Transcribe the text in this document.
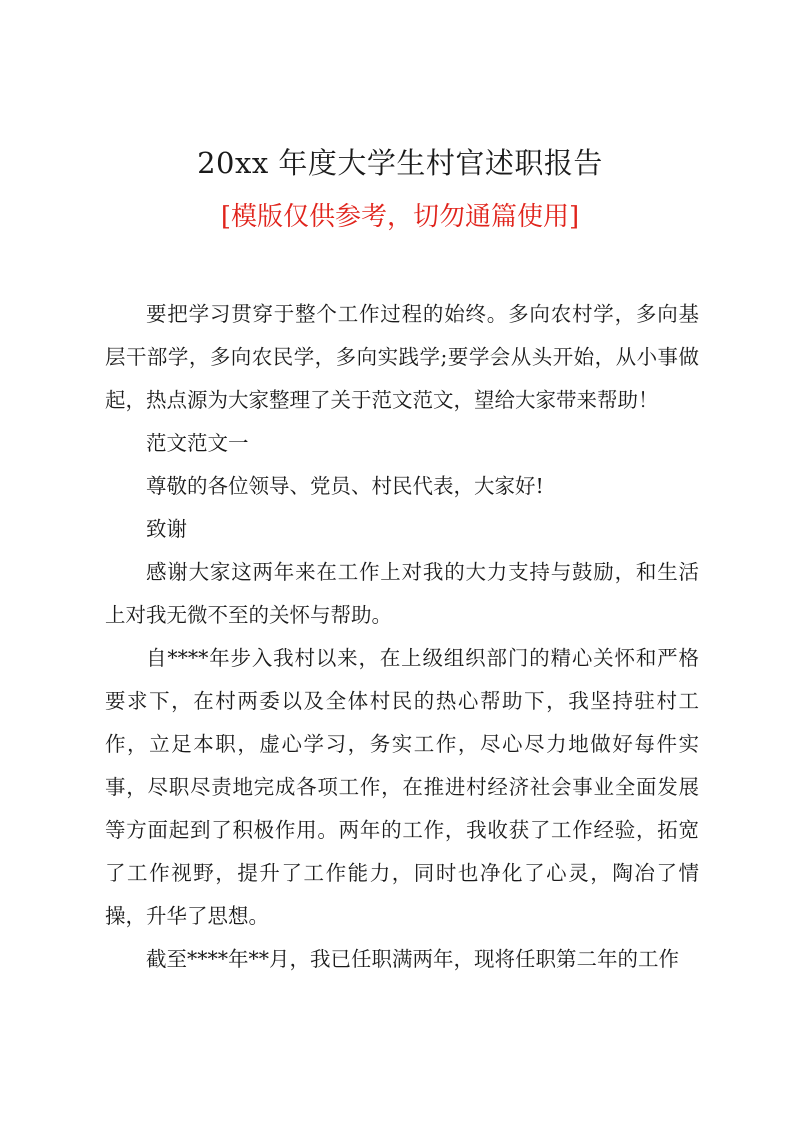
20xx 年度大学生村官述职报告
[模版仅供参考，切勿通篇使用]

要把学习贯穿于整个工作过程的始终。多向农村学，多向基层干部学，多向农民学，多向实践学;要学会从头开始，从小事做起，热点源为大家整理了关于范文范文，望给大家带来帮助！

范文范文一

尊敬的各位领导、党员、村民代表，大家好!

致谢

感谢大家这两年来在工作上对我的大力支持与鼓励，和生活上对我无微不至的关怀与帮助。

自****年步入我村以来，在上级组织部门的精心关怀和严格要求下，在村两委以及全体村民的热心帮助下，我坚持驻村工作，立足本职，虚心学习，务实工作，尽心尽力地做好每件实事，尽职尽责地完成各项工作，在推进村经济社会事业全面发展等方面起到了积极作用。两年的工作，我收获了工作经验，拓宽了工作视野，提升了工作能力，同时也净化了心灵，陶冶了情操，升华了思想。

截至****年**月，我已任职满两年，现将任职第二年的工作
